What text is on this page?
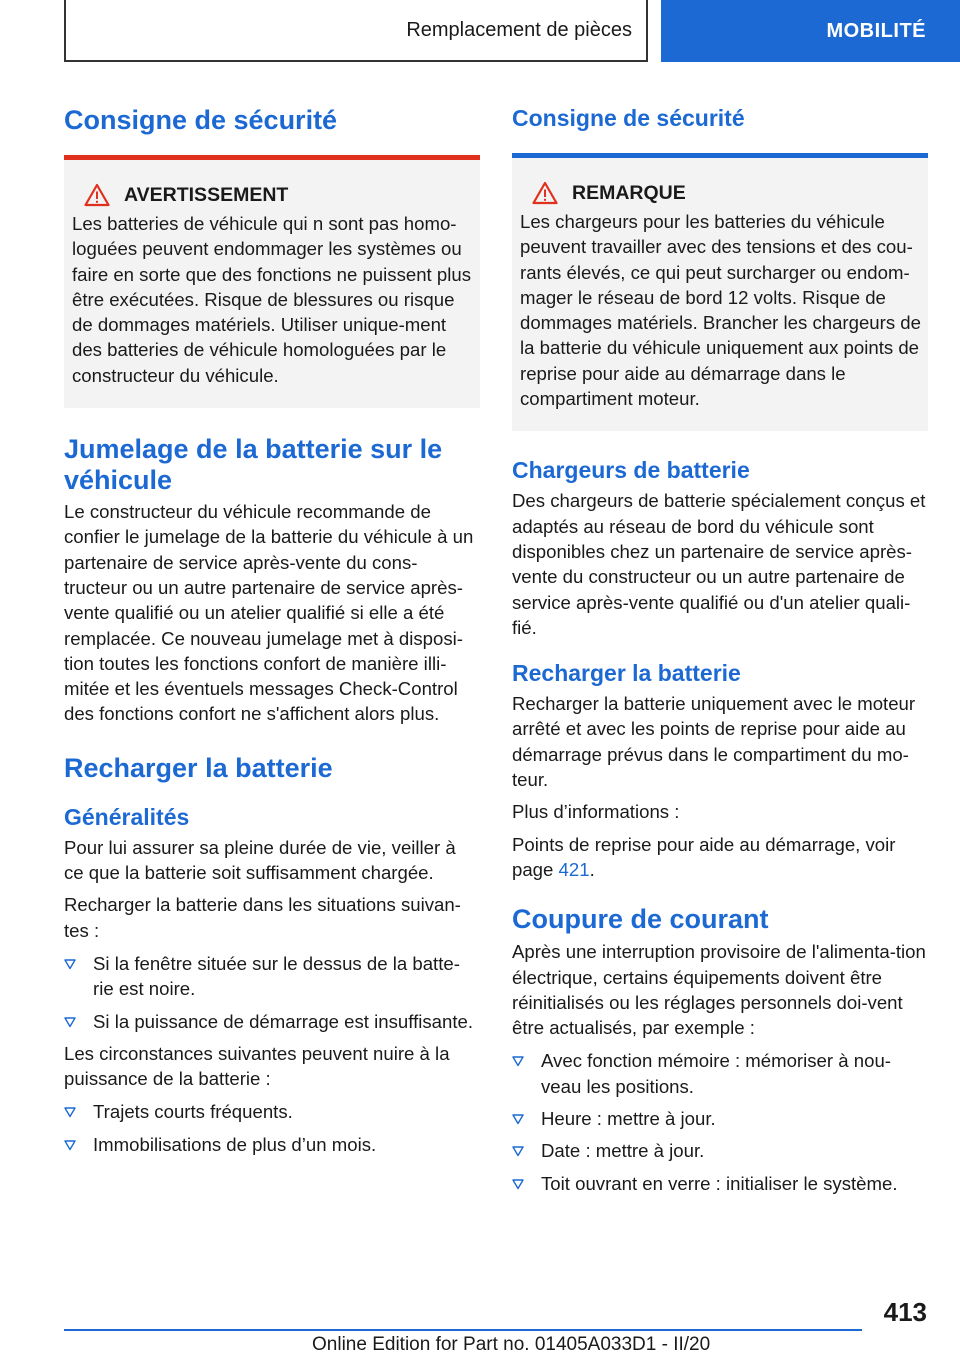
Remplacement de pièces	MOBILITÉ
Consigne de sécurité
AVERTISSEMENT

Les batteries de véhicule qui n sont pas homo-loguées peuvent endommager les systèmes ou faire en sorte que des fonctions ne puissent plus être exécutées. Risque de blessures ou risque de dommages matériels. Utiliser unique-ment des batteries de véhicule homologuées par le constructeur du véhicule.

Jumelage de la batterie sur le véhicule

Le constructeur du véhicule recommande de confier le jumelage de la batterie du véhicule à un partenaire de service après-vente du cons-tructeur ou un autre partenaire de service après-vente qualifié ou un atelier qualifié si elle a été remplacée. Ce nouveau jumelage met à disposi-tion toutes les fonctions confort de manière illi-mitée et les éventuels messages Check-Control des fonctions confort ne s'affichent alors plus.

Recharger la batterie
Généralités

Pour lui assurer sa pleine durée de vie, veiller à ce que la batterie soit suffisamment chargée.

Recharger la batterie dans les situations suivan-tes :

Si la fenêtre située sur le dessus de la batte-rie est noire.
Si la puissance de démarrage est insuffisante.

Les circonstances suivantes peuvent nuire à la puissance de la batterie :

Trajets courts fréquents.
Immobilisations de plus d’un mois.
Consigne de sécurité
REMARQUE

Les chargeurs pour les batteries du véhicule peuvent travailler avec des tensions et des cou-rants élevés, ce qui peut surcharger ou endom-mager le réseau de bord 12 volts. Risque de dommages matériels. Brancher les chargeurs de la batterie du véhicule uniquement aux points de reprise pour aide au démarrage dans le compartiment moteur.

Chargeurs de batterie

Des chargeurs de batterie spécialement conçus et adaptés au réseau de bord du véhicule sont disponibles chez un partenaire de service après-vente du constructeur ou un autre partenaire de service après-vente qualifié ou d'un atelier quali-fié.

Recharger la batterie

Recharger la batterie uniquement avec le moteur arrêté et avec les points de reprise pour aide au démarrage prévus dans le compartiment du mo-teur.

Plus d’informations :

Points de reprise pour aide au démarrage, voir page 421.

Coupure de courant

Après une interruption provisoire de l'alimenta-tion électrique, certains équipements doivent être réinitialisés ou les réglages personnels doi-vent être actualisés, par exemple :

Avec fonction mémoire : mémoriser à nou-veau les positions.
Heure : mettre à jour.
Date : mettre à jour.
Toit ouvrant en verre : initialiser le système.
413
Online Edition for Part no. 01405A033D1 - II/20
